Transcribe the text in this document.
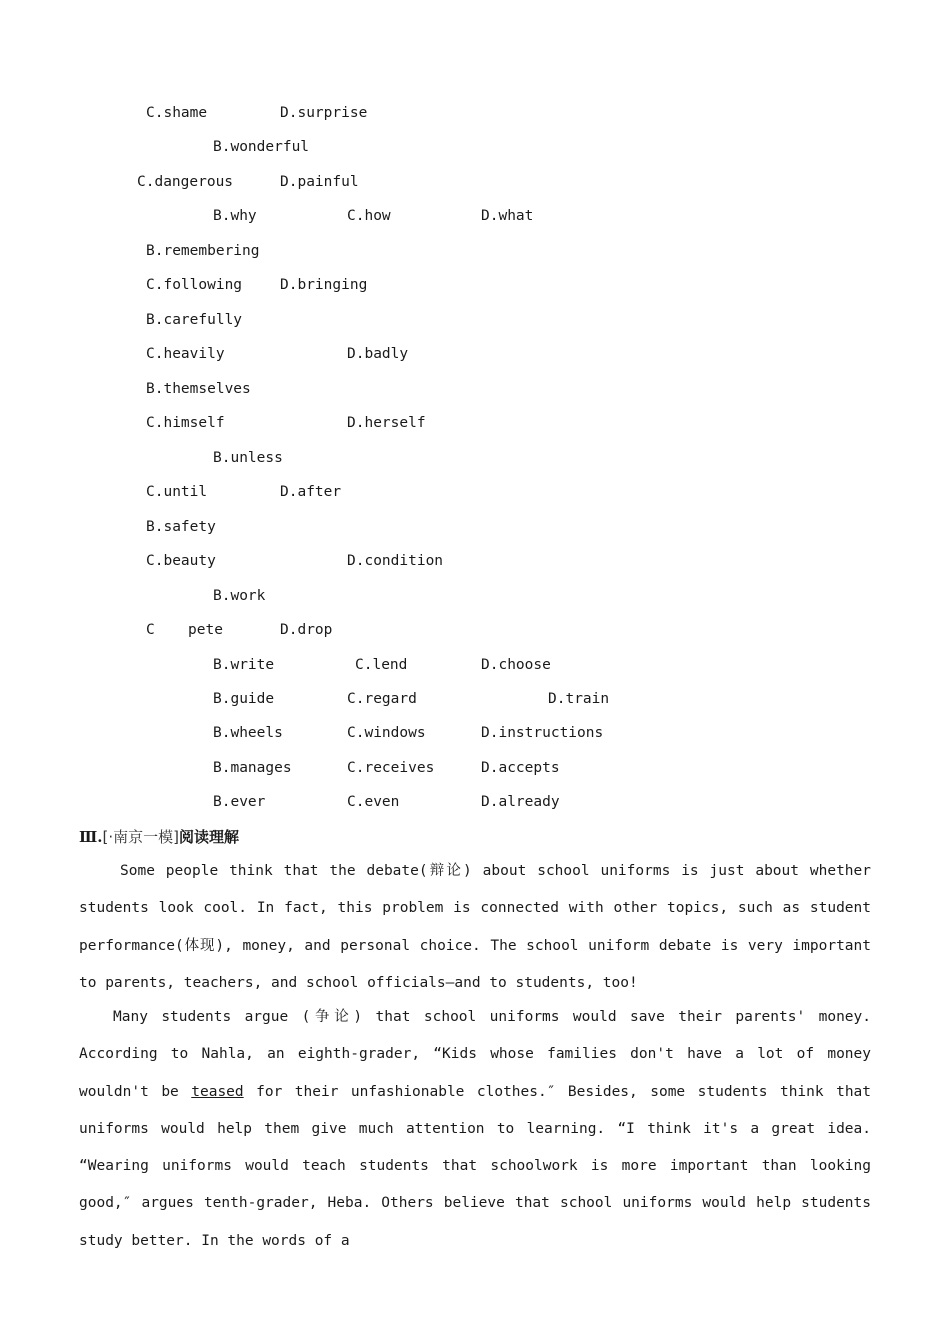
C.shame	D.surprise
B.wonderful
C.dangerous	D.painful
B.why	C.how	D.what
B.remembering
C.following	D.bringing
B.carefully
C.heavily	D.badly
B.themselves
C.himself	D.herself
B.unless
C.until	D.after
B.safety
C.beauty	D.condition
B.work
C pete	D.drop
B.write	C.lend	D.choose
B.guide	C.regard	D.train
B.wheels	C.windows	D.instructions
B.manages	C.receives	D.accepts
B.ever	C.even	D.already
Ⅲ.[·南京一模]阅读理解

Some people think that the debate(辩论) about school uniforms is just about whether students look cool. In fact, this problem is connected with other topics, such as student performance(体现), money, and personal choice. The school uniform debate is very important to parents, teachers, and school officials—and to students, too!

Many students argue (争论) that school uniforms would save their parents' money. According to Nahla, an eighth-grader, “Kids whose families don't have a lot of money wouldn't be teased for their unfashionable clothes.″ Besides, some students think that uniforms would help them give much attention to learning. “I think it's a great idea. “Wearing uniforms would teach students that schoolwork is more important than looking good,″ argues tenth-grader, Heba. Others believe that school uniforms would help students study better. In the words of a
